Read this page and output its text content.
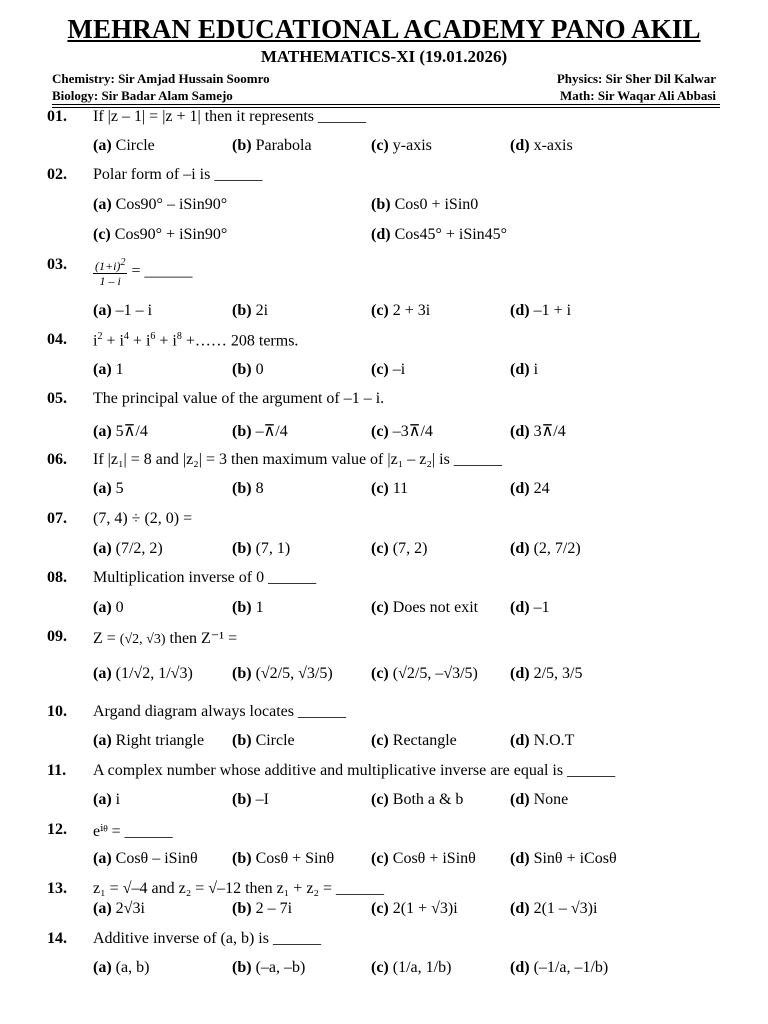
MEHRAN EDUCATIONAL ACADEMY PANO AKIL
MATHEMATICS-XI (19.01.2026)
Chemistry: Sir Amjad Hussain Soomro
Biology: Sir Badar Alam Samejo
Physics: Sir Sher Dil Kalwar
Math: Sir Waqar Ali Abbasi
01.	If |z – 1| = |z + 1| then it represents ______
(a) Circle	(b) Parabola	(c) y-axis	(d) x-axis
02.	Polar form of –i is ______
(a) Cos90° – iSin90°	(b) Cos0 + iSin0
(c) Cos90° + iSin90°	(d) Cos45° + iSin45°
03.	$\frac{(1+i)^2}{1 - i}$ = ______
(a) –1 – i	(b) 2i	(c) 2 + 3i	(d) –1 + i
04.	$i^2 + i^4 + i^6 + i^8$ +…… 208 terms.
(a) 1	(b) 0	(c) –i	(d) i
05.	The principal value of the argument of –1 – i.
(a) 5⊼/4	(b) –⊼/4	(c) –3⊼/4	(d) 3⊼/4
06.	If |z₁| = 8 and |z₂| = 3 then maximum value of |z₁ – z₂| is ______
(a) 5	(b) 8	(c) 11	(d) 24
07.	(7, 4) ÷ (2, 0) =
(a) (7/2, 2)	(b) (7, 1)	(c) (7, 2)	(d) (2, 7/2)
08.	Multiplication inverse of 0 ______
(a) 0	(b) 1	(c) Does not exit (d) –1
09.	Z = (√2, √3) then Z⁻¹ =
(a) (1/√2, 1/√3) (b) (√2/5, √3/5) (c) (√2/5, –√3/5) (d) 2/5, 3/5
10.	Argand diagram always locates ______
(a) Right triangle (b) Circle	(c) Rectangle	(d) N.O.T
11.	A complex number whose additive and multiplicative inverse are equal is ______
(a) i	(b) –I	(c) Both a & b	(d) None
12.	eⁱᶿ = ______
(a) Cosθ – iSinθ (b) Cosθ + Sinθ (c) Cosθ + iSinθ (d) Sinθ + iCosθ
13.	z₁ = √–4 and z₂ = √–12 then z₁ + z₂ = ______
(a) 2√3i	(b) 2 – 7i	(c) 2(1 + √3)i	(d) 2(1 – √3)i
14.	Additive inverse of (a, b) is ______
(a) (a, b)	(b) (–a, –b)	(c) (1/a, 1/b)	(d) (–1/a, –1/b)
